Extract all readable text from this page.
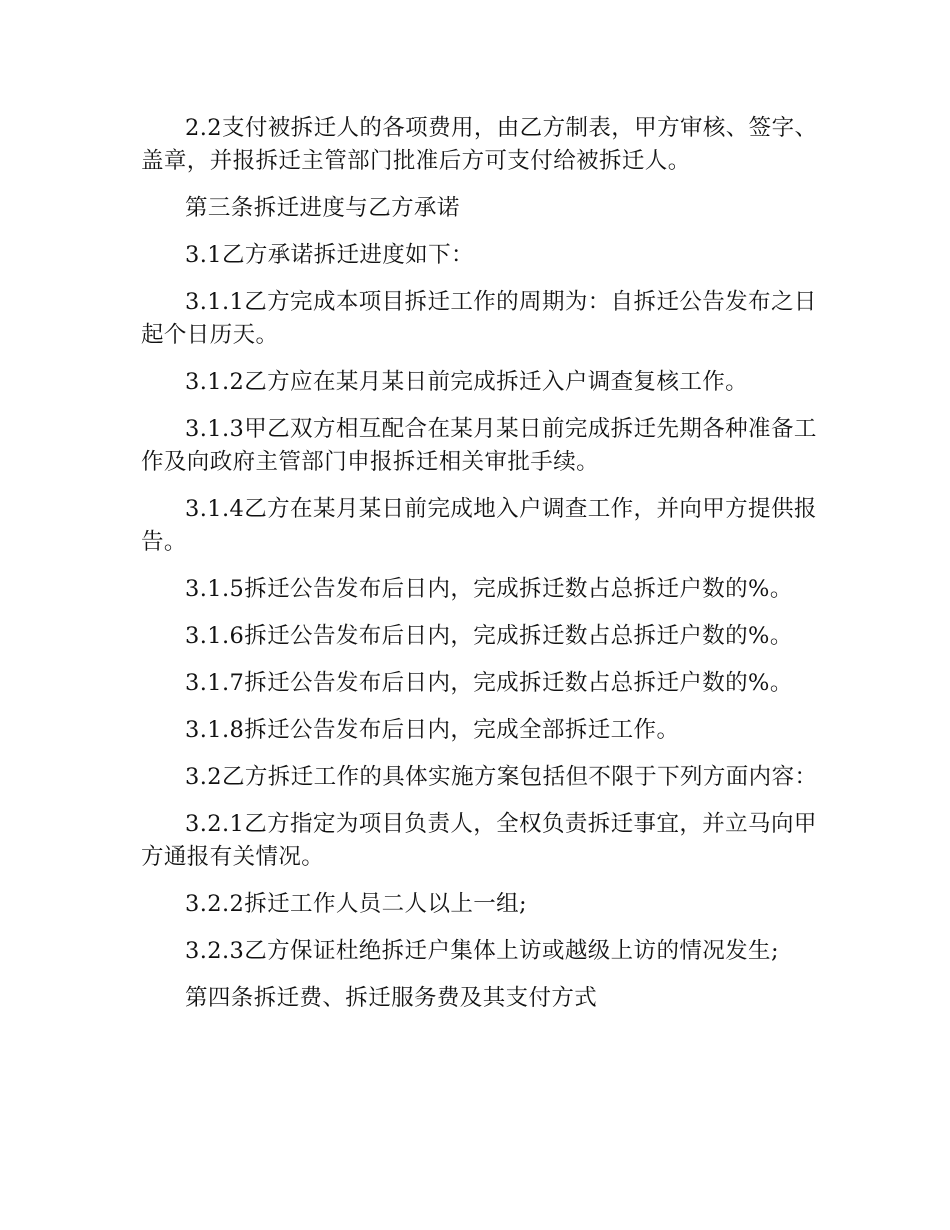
2.2支付被拆迁人的各项费用，由乙方制表，甲方审核、签字、盖章，并报拆迁主管部门批准后方可支付给被拆迁人。

第三条拆迁进度与乙方承诺

3.1乙方承诺拆迁进度如下：

3.1.1乙方完成本项目拆迁工作的周期为：自拆迁公告发布之日起个日历天。

3.1.2乙方应在某月某日前完成拆迁入户调查复核工作。

3.1.3甲乙双方相互配合在某月某日前完成拆迁先期各种准备工作及向政府主管部门申报拆迁相关审批手续。

3.1.4乙方在某月某日前完成地入户调查工作，并向甲方提供报告。

3.1.5拆迁公告发布后日内，完成拆迁数占总拆迁户数的%。

3.1.6拆迁公告发布后日内，完成拆迁数占总拆迁户数的%。

3.1.7拆迁公告发布后日内，完成拆迁数占总拆迁户数的%。

3.1.8拆迁公告发布后日内，完成全部拆迁工作。

3.2乙方拆迁工作的具体实施方案包括但不限于下列方面内容：

3.2.1乙方指定为项目负责人，全权负责拆迁事宜，并立马向甲方通报有关情况。

3.2.2拆迁工作人员二人以上一组;

3.2.3乙方保证杜绝拆迁户集体上访或越级上访的情况发生;

第四条拆迁费、拆迁服务费及其支付方式
